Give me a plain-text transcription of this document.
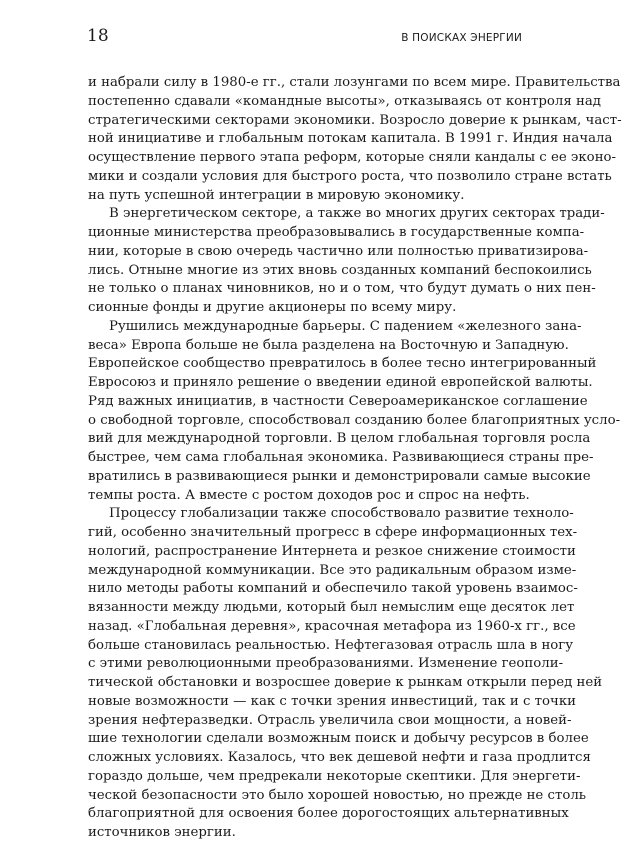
18	В ПОИСКАХ ЭНЕРГИИ
и набрали силу в 1980-е гг., стали лозунгами по всем мире. Правительства
постепенно сдавали «командные высоты», отказываясь от контроля над
стратегическими секторами экономики. Возросло доверие к рынкам, част-
ной инициативе и глобальным потокам капитала. В 1991 г. Индия начала
осуществление первого этапа реформ, которые сняли кандалы с ее эконо-
мики и создали условия для быстрого роста, что позволило стране встать
на путь успешной интеграции в мировую экономику.
В энергетическом секторе, а также во многих других секторах тради-
ционные министерства преобразовывались в государственные компа-
нии, которые в свою очередь частично или полностью приватизирова-
лись. Отныне многие из этих вновь созданных компаний беспокоились
не только о планах чиновников, но и о том, что будут думать о них пен-
сионные фонды и другие акционеры по всему миру.
Рушились международные барьеры. С падением «железного зана-
веса» Европа больше не была разделена на Восточную и Западную.
Европейское сообщество превратилось в более тесно интегрированный
Евросоюз и приняло решение о введении единой европейской валюты.
Ряд важных инициатив, в частности Североамериканское соглашение
о свободной торговле, способствовал созданию более благоприятных усло-
вий для международной торговли. В целом глобальная торговля росла
быстрее, чем сама глобальная экономика. Развивающиеся страны пре-
вратились в развивающиеся рынки и демонстрировали самые высокие
темпы роста. А вместе с ростом доходов рос и спрос на нефть.
Процессу глобализации также способствовало развитие техноло-
гий, особенно значительный прогресс в сфере информационных тех-
нологий, распространение Интернета и резкое снижение стоимости
международной коммуникации. Все это радикальным образом изме-
нило методы работы компаний и обеспечило такой уровень взаимос-
вязанности между людьми, который был немыслим еще десяток лет
назад. «Глобальная деревня», красочная метафора из 1960-х гг., все
больше становилась реальностью. Нефтегазовая отрасль шла в ногу
с этими революционными преобразованиями. Изменение геополи-
тической обстановки и возросшее доверие к рынкам открыли перед ней
новые возможности — как с точки зрения инвестиций, так и с точки
зрения нефтеразведки. Отрасль увеличила свои мощности, а новей-
шие технологии сделали возможным поиск и добычу ресурсов в более
сложных условиях. Казалось, что век дешевой нефти и газа продлится
гораздо дольше, чем предрекали некоторые скептики. Для энергети-
ческой безопасности это было хорошей новостью, но прежде не столь
благоприятной для освоения более дорогостоящих альтернативных
источников энергии.
